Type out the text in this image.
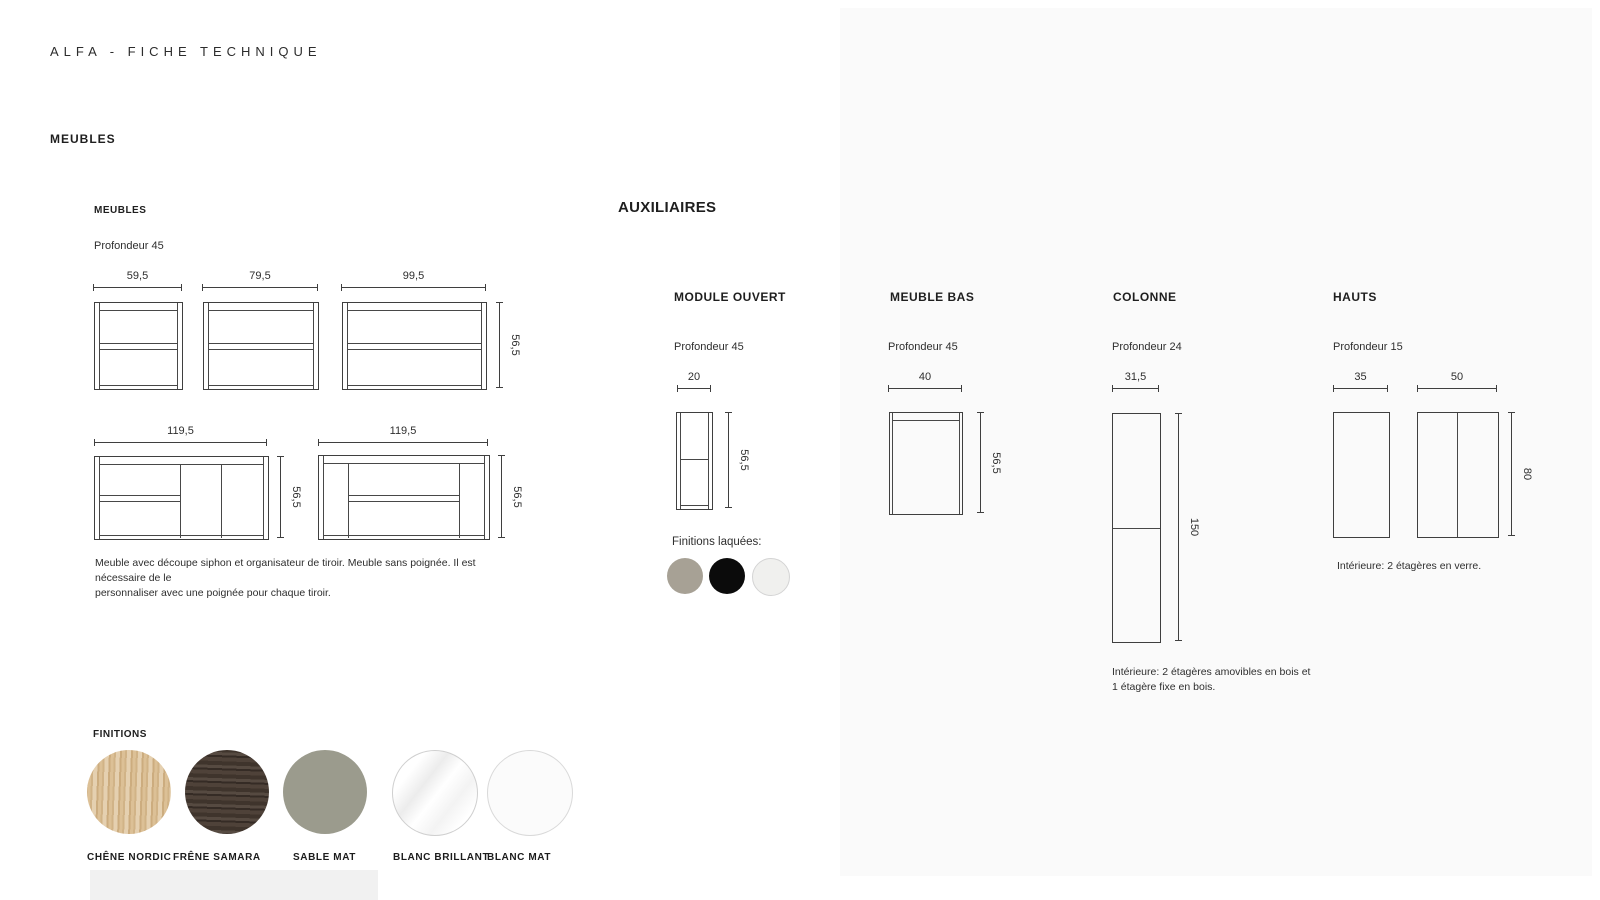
ALFA - FICHE TECHNIQUE
MEUBLES
MEUBLES
Profondeur 45
59,5	79,5	99,5
56,5
119,5	119,5
56,5	56,5
Meuble avec découpe siphon et organisateur de tiroir. Meuble sans poignée. Il est nécessaire de le
personnaliser avec une poignée pour chaque tiroir.
AUXILIAIRES
MODULE OUVERT
Profondeur 45
20
56,5
Finitions laquées:
MEUBLE BAS
Profondeur 45
40
56,5
COLONNE
Profondeur 24
31,5
150
Intérieure: 2 étagères amovibles en bois et
1 étagère fixe en bois.
HAUTS
Profondeur 15
35	50
80
Intérieure: 2 étagères en verre.
FINITIONS
CHÊNE NORDIC FRÊNE SAMARA	SABLE MAT	BLANC BRILLANT
BLANC MAT
